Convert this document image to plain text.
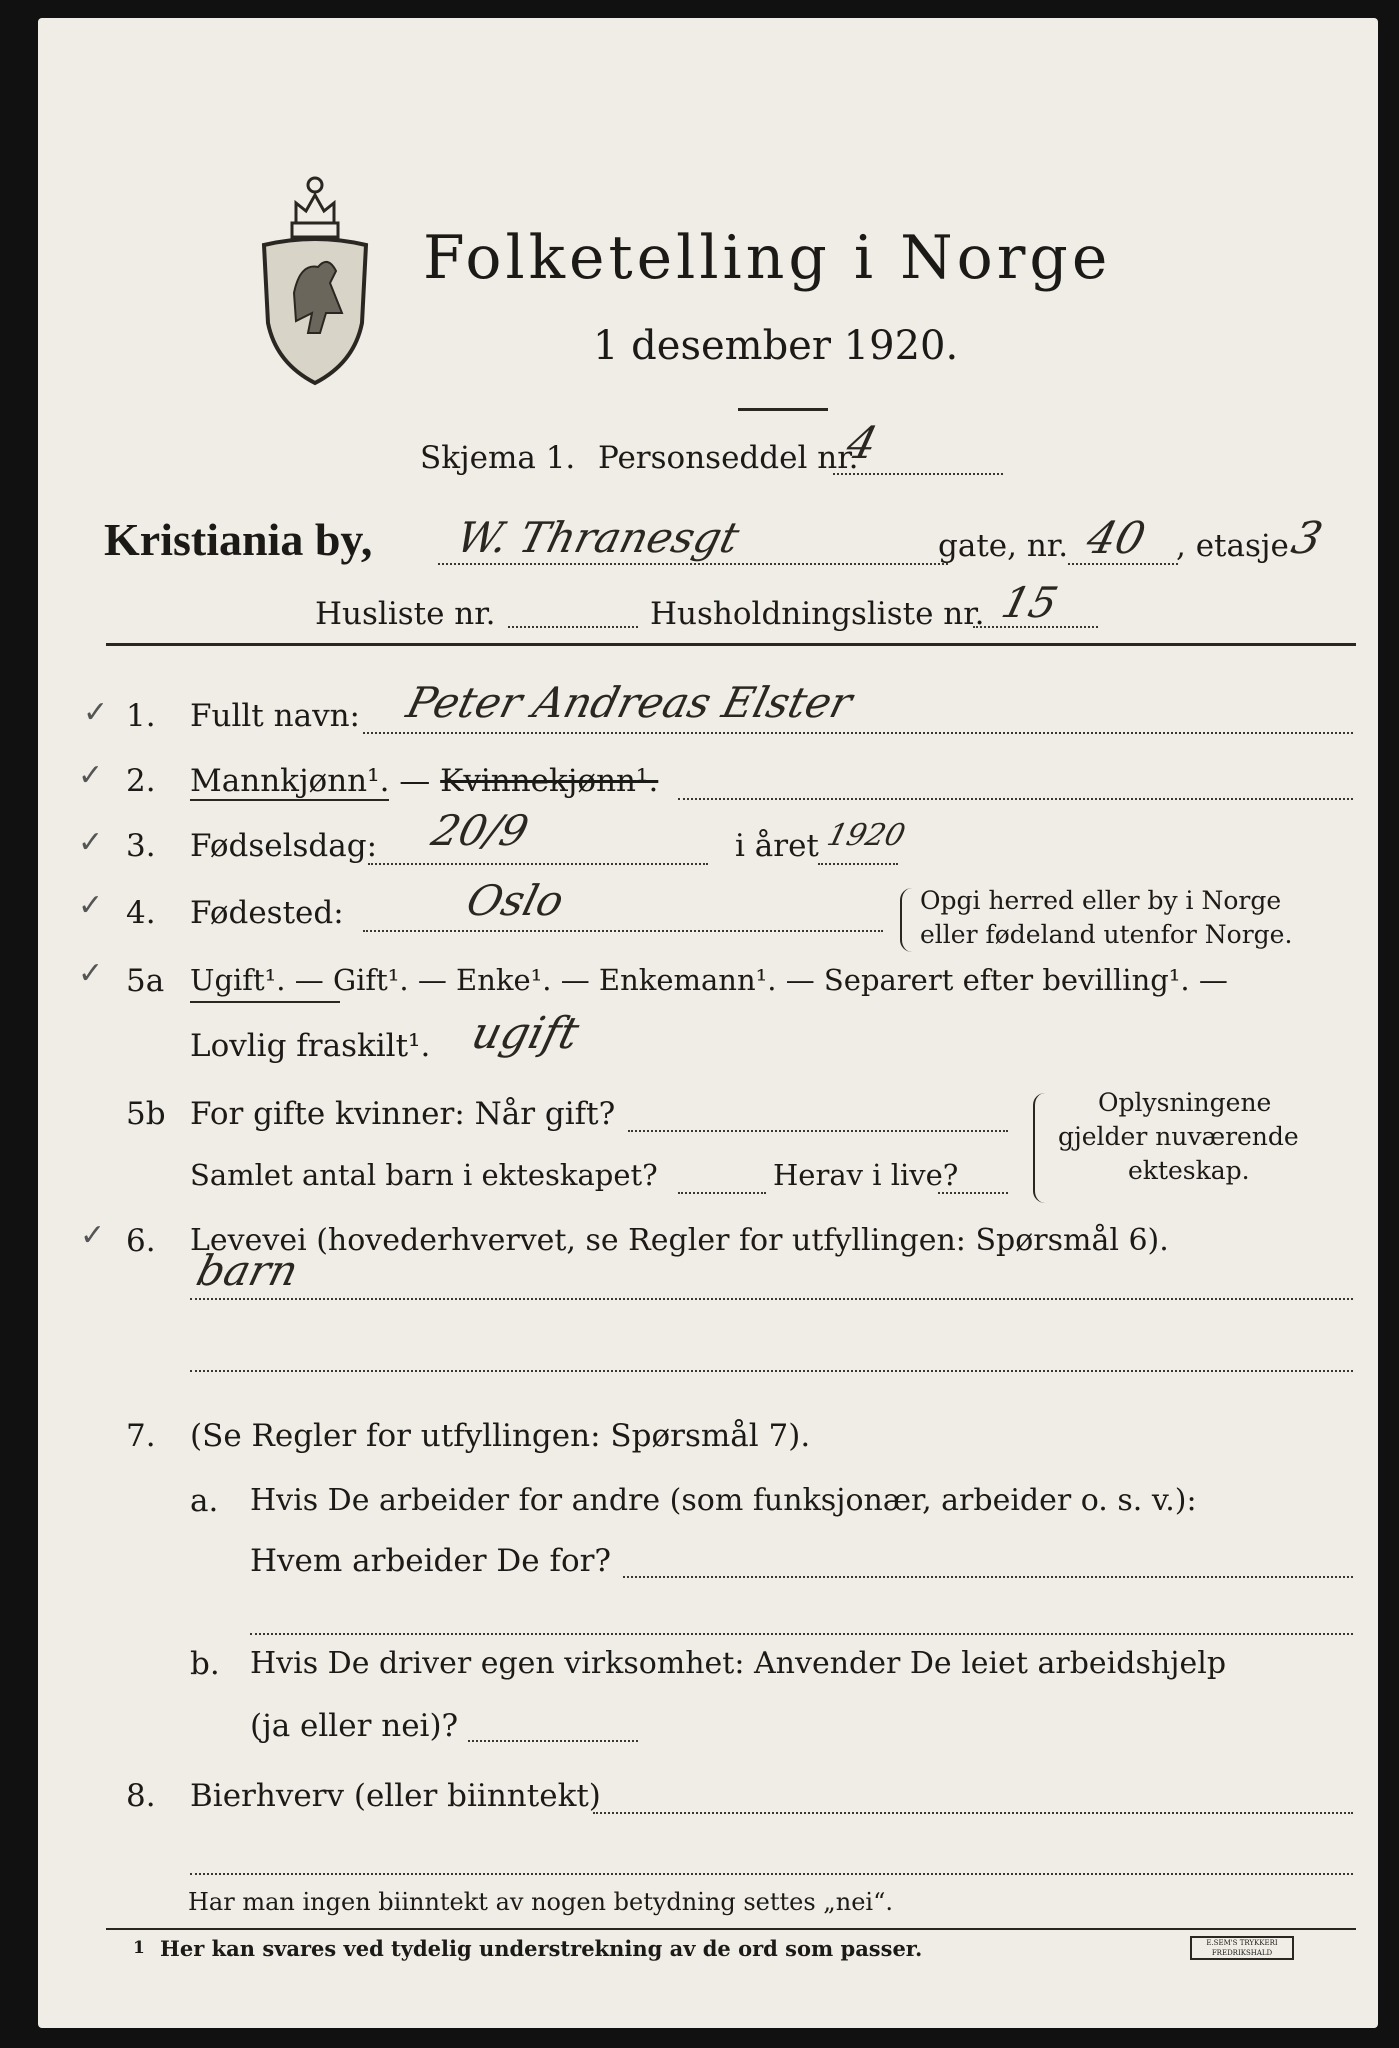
Folketelling i Norge
1 desember 1920.
Skjema 1. Personseddel nr.
4
Kristiania by, W. Thranesgt	gate, nr. 40 , etasje
3
Husliste nr.	Husholdningsliste nr. 15
✓
✓
✓
✓
✓
✓
1. Fullt navn: Peter Andreas Elster
2. Mannkjønn¹. — Kvinnekjønn¹.
3. Fødselsdag: 20/9	i året 1920
4. Fødested:	Oslo	Opgi herred eller by i Norge
eller fødeland utenfor Norge.
5a Ugift¹. — Gift¹. — Enke¹. — Enkemann¹. — Separert efter bevilling¹. —
Lovlig fraskilt¹. ugift
5b For gifte kvinner: Når gift?
Samlet antal barn i ekteskapet?	Herav i live?
Oplysningene
gjelder nuværende
ekteskap.
6. Levevei (hovederhvervet, se Regler for utfyllingen: Spørsmål 6).
barn
7. (Se Regler for utfyllingen: Spørsmål 7).
a. Hvis De arbeider for andre (som funksjonær, arbeider o. s. v.):
Hvem arbeider De for?
b. Hvis De driver egen virksomhet: Anvender De leiet arbeidshjelp
(ja eller nei)?
8. Bierhverv (eller biinntekt)
Har man ingen biinntekt av nogen betydning settes „nei“.
1 Her kan svares ved tydelig understrekning av de ord som passer.	E.SEM'S TRYKKERI FREDRIKSHALD
